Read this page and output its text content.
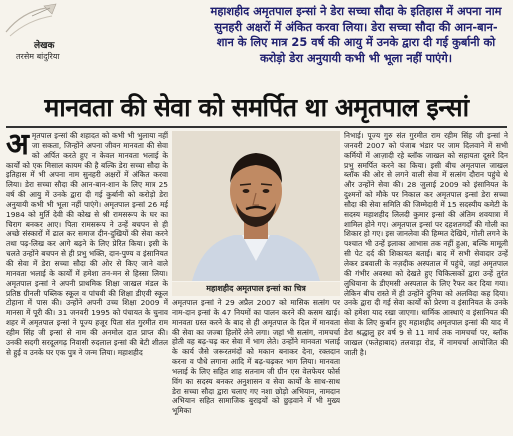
लेखक
तरसेम बांदुरिया
महाशहीद अमृतपाल इन्सां ने डेरा सच्चा सौदा के इतिहास में अपना नाम सुनहरी अक्षरों में अंकित करवा लिया। डेरा सच्चा सौदा की आन-बान-शान के लिए मात्र 25 वर्ष की आयु में उनके द्वारा दी गई कुर्बानी को करोड़ो डेरा अनुयायी कभी भी भूला नहीं पाएंगे।
मानवता की सेवा को समर्पित था अमृतपाल इन्सां
अ मृतपाल इन्सां की शहादत को कभी भी भुलाया नहीं जा सकता, जिन्होंने अपना जीवन मानवता की सेवा को अर्पित करते हुए न केवल मानवता भलाई के कार्यों को एक मिसाल कायम की है बल्कि डेरा सच्चा सौदा के इतिहास में भी अपना नाम सुनहरी अक्षरों में अंकित करवा लिया। डेरा सच्चा सौदा की आन-बान-शान के लिए मात्र 25 वर्ष की आयु में उनके द्वारा दी गई कुर्बानी को करोड़ो डेरा अनुयायी कभी भी भूला नहीं पाएंगे। अमृतपाल इन्सां 26 मई 1984 को मुर्ति देवी की कोख से श्री रामसरूप के घर का चिराग बनकर आए। पिता रामसरूप ने उन्हें बचपन से ही अच्छे संस्कारों में ढाल कर समाज दीन-दुखियों की सेवा करने तथा पढ़-लिख कर आगे बढ़ने के लिए प्रेरित किया। इसी के चलते उन्होंने बचपन से ही प्रभु भक्ति, दान-पुण्य व इंसानियत की सेवा में डेरा सच्चा सौदा की ओर से किए जाने वाले मानवता भलाई के कार्यों में हमेशा तन-मन से हिस्सा लिया। अमृतपाल इन्सां ने अपनी प्राथमिक शिक्षा जाखल मंडल के प्रतिष्ठ ग्रीनली पब्लिक स्कूल व पांचवी की शिक्षा डीएवी स्कूल टोहाना में पास की। उन्होंने अपनी उच्च शिक्षा 2009 में मानसा में पूरी की। 31 जनवरी 1995 को पंचायत के चुनाव शहर में अमृतपाल इन्सां ने पूज्य हजूर पिता संत गुरमीत राम रहीम सिंह जी इन्सां से नाम की अनमोल दात प्राप्त की। उनकी सदगी सरदूलगढ़ निवासी रुदलाल इन्सां की बेटी शीतल से हुई व उनके घर एक पुत्र ने जन्म लिया। महाशहीद
महाशहीद अमृतपाल इन्सां का चित्र
अमृतपाल इन्सां ने 29 अप्रैल 2007 को मासिक सत्संग पर नाम-दान इन्सां के 47 नियमों का पालन करने की कसम खाई। मानवता ग्रस्त करने के बाद से ही अमृतपाल के दिल में मानवता की सेवा का जज्बा हिलोरें लेने लगा। जहां भी सत्संग, नामचर्चा होती वह बढ़-चढ़ कर सेवा में भाग लेते। उन्होंने मानवता भलाई के कार्य जैसे जरूरतमंदों को मकान बनाकर देना, रक्तदान करना व पौधे लगाना आदि में बढ़-चढ़कर भाग लिया। मानवता भलाई के लिए सहित शाह सतनाम जी ग्रीन एस वेलफेयर फोर्स विंग का सदस्य बनकर अनुशासन व सेवा कार्यों के साथ-साथ डेरा सच्चा सौदा द्वारा चलाए गए नशा छोड़ो अभियान, नामदान अभियान सहित सामाजिक बुराइयों को छुड़वाने में भी मुख्य भूमिका
निभाई। पूज्य गुरु संत गुरमीत राम रहीम सिंह जी इन्सां ने जनवरी 2007 को पंजाब भंडार पर जाम दिलवाने में सभी कर्मियों में आज़ादी रहे ब्लॉक जाखल को सहायता दूसरे दिन प्रभु समर्पित करने का किया। इसी बीच अमृतपाल जाखल ब्लॉक की ओर से लगने वाली सेवा में सत्संग दौरान पहुंचे थे और उन्होंने सेवा की। 28 जुलाई 2009 को इंसानियत के दुश्मनों को मौके पर निकाल कर अमृतपाल इन्सां डेरा सच्चा सौदा की सेवा समिति की जिम्मेदारी में 15 सदस्यीय कमेटी के सदस्य महाशहीद लिलदी कुमार इन्सां की अंतिम शवयात्रा में शामिल होने गए। अमृतपाल इन्सां पर दहशतगर्दों की गोली का शिकार हो गए। इस जानलेवा की हिम्मत देखिये, गोली लगने के पश्चात भी उन्हें इलाका आभास तक नहीं हुआ, बल्कि मामूली सी पेट दर्द की शिकायत बताई। बाद में सभी सेवादार उन्हें लेकर डबवाली के नज़दीक अस्पताल में पहुंचे, जहां अमृतपाल की गंभीर अवस्था को देखते हुए चिकित्सकों द्वारा उन्हें तुरंत लुधियाना के डीएमसी अस्पताल के लिए रैफर कर दिया गया। लेकिन बीच रास्ते में ही उन्होंने दुनिया को अलविदा कह दिया। उनके द्वारा दी गई सेवा कार्यों को प्रेरणा व इंसानियत के उनके को हमेशा याद रखा जाएगा। धार्मिक आस्थाएं व इंसानियत की सेवा के लिए कुर्बान हुए महाशहीद अमृतपाल इन्सां की याद में डेरा श्रद्धालु हर वर्ष 9 से 11 मार्च तक नामचर्चा पर, ब्लॉक जाखल (फतेहाबाद) तलवाड़ा रोड, में नामचर्चा आयोजित की जाती है।
